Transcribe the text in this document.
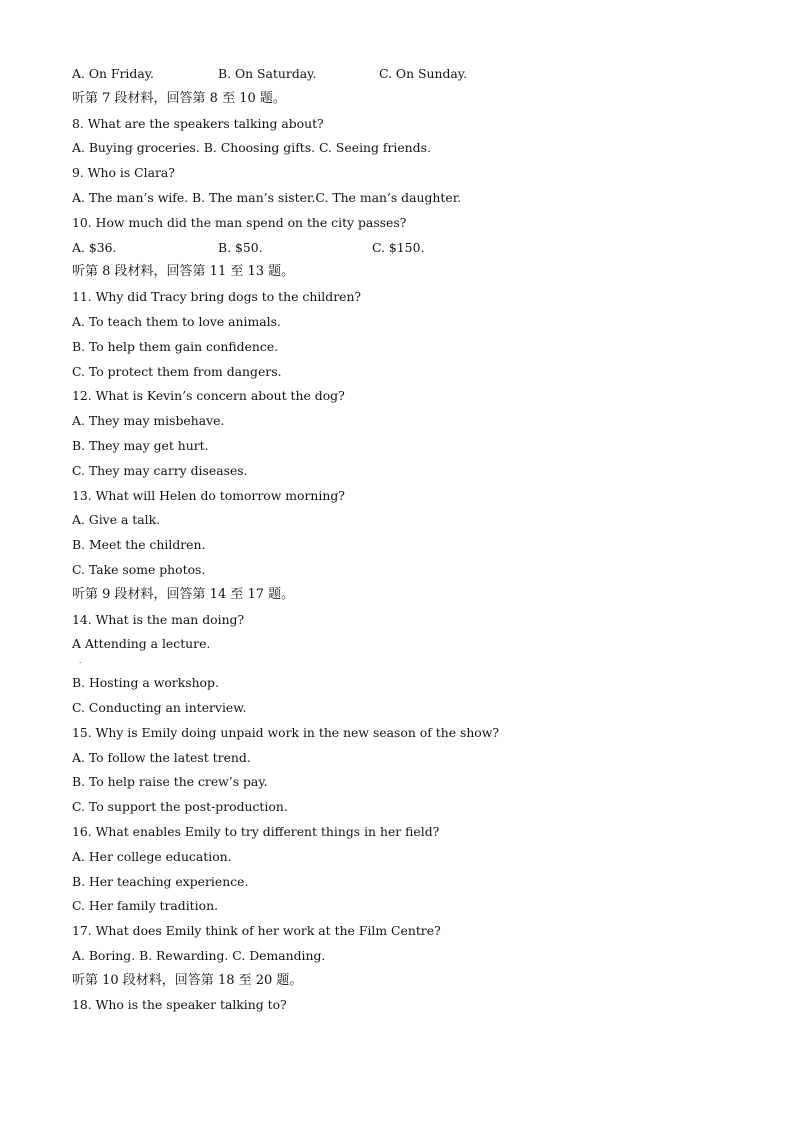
A. On Friday.	B. On Saturday.	C. On Sunday.
听第 7 段材料，回答第 8 至 10 题。
8. What are the speakers talking about?
A. Buying groceries. B. Choosing gifts. C. Seeing friends.
9. Who is Clara?
A. The man’s wife. B. The man’s sister.C. The man’s daughter.
10. How much did the man spend on the city passes?
A. $36.	B. $50.	C. $150.
听第 8 段材料，回答第 11 至 13 题。
11. Why did Tracy bring dogs to the children?
A. To teach them to love animals.
B. To help them gain confidence.
C. To protect them from dangers.
12. What is Kevin’s concern about the dog?
A. They may misbehave.
B. They may get hurt.
C. They may carry diseases.
13. What will Helen do tomorrow morning?
A. Give a talk.
B. Meet the children.
C. Take some photos.
听第 9 段材料，回答第 14 至 17 题。
14. What is the man doing?
A Attending a lecture.
.
B. Hosting a workshop.
C. Conducting an interview.
15. Why is Emily doing unpaid work in the new season of the show?
A. To follow the latest trend.
B. To help raise the crew’s pay.
C. To support the post-production.
16. What enables Emily to try different things in her field?
A. Her college education.
B. Her teaching experience.
C. Her family tradition.
17. What does Emily think of her work at the Film Centre?
A. Boring. B. Rewarding. C. Demanding.
听第 10 段材料，回答第 18 至 20 题。
18. Who is the speaker talking to?
